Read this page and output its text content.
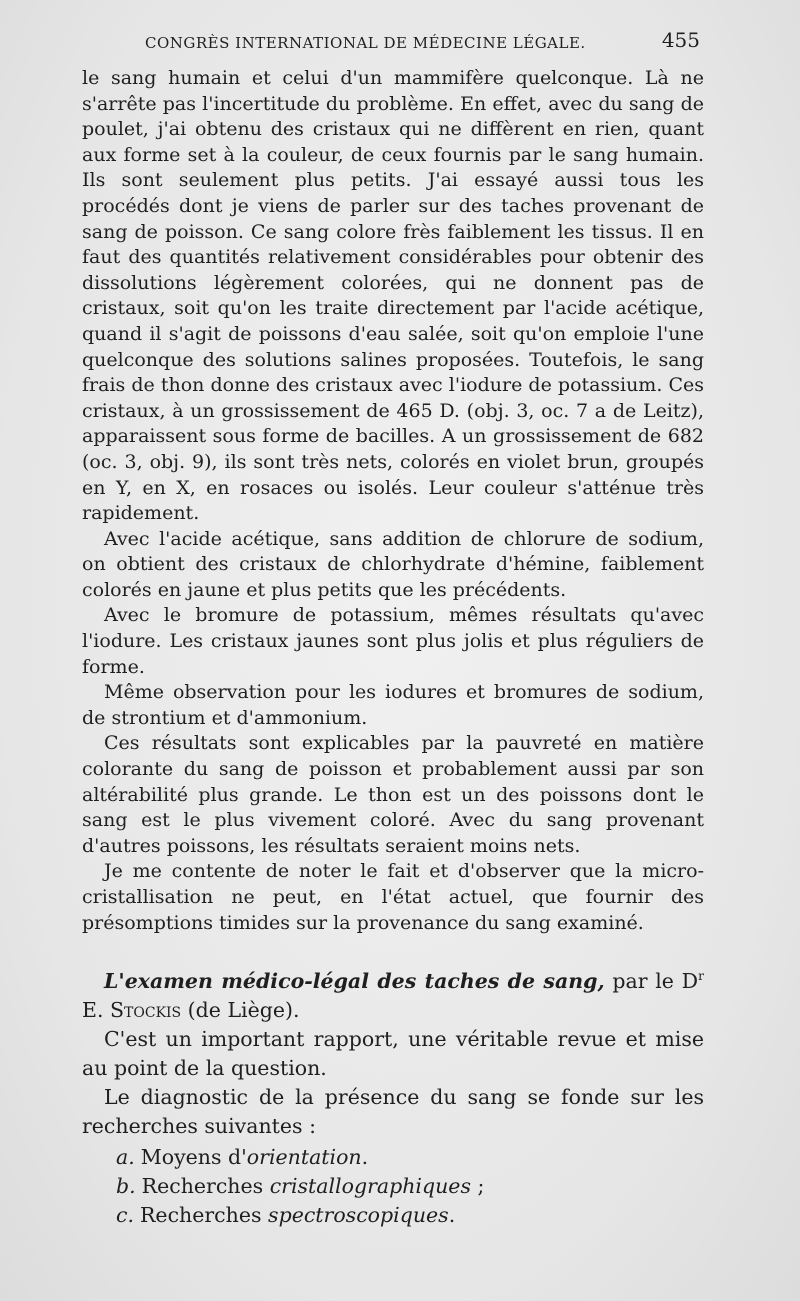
CONGRÈS INTERNATIONAL DE MÉDECINE LÉGALE.	455

le sang humain et celui d'un mammifère quelconque. Là ne s'arrête pas l'incertitude du problème. En effet, avec du sang de poulet, j'ai obtenu des cristaux qui ne diffèrent en rien, quant aux forme set à la couleur, de ceux fournis par le sang humain. Ils sont seulement plus petits. J'ai essayé aussi tous les procédés dont je viens de parler sur des taches provenant de sang de poisson. Ce sang colore frès faiblement les tissus. Il en faut des quantités relativement considérables pour obtenir des dissolutions légèrement colorées, qui ne donnent pas de cristaux, soit qu'on les traite directement par l'acide acétique, quand il s'agit de poissons d'eau salée, soit qu'on emploie l'une quelconque des solutions salines proposées. Toutefois, le sang frais de thon donne des cristaux avec l'iodure de potassium. Ces cristaux, à un grossissement de 465 D. (obj. 3, oc. 7 a de Leitz), apparaissent sous forme de bacilles. A un grossissement de 682 (oc. 3, obj. 9), ils sont très nets, colorés en violet brun, groupés en Y, en X, en rosaces ou isolés. Leur couleur s'atténue très rapidement.

Avec l'acide acétique, sans addition de chlorure de sodium, on obtient des cristaux de chlorhydrate d'hémine, faiblement colorés en jaune et plus petits que les précédents.

Avec le bromure de potassium, mêmes résultats qu'avec l'iodure. Les cristaux jaunes sont plus jolis et plus réguliers de forme.

Même observation pour les iodures et bromures de sodium, de strontium et d'ammonium.

Ces résultats sont explicables par la pauvreté en matière colorante du sang de poisson et probablement aussi par son altérabilité plus grande. Le thon est un des poissons dont le sang est le plus vivement coloré. Avec du sang provenant d'autres poissons, les résultats seraient moins nets.

Je me contente de noter le fait et d'observer que la micro-cristallisation ne peut, en l'état actuel, que fournir des présomptions timides sur la provenance du sang examiné.

L'examen médico-légal des taches de sang, par le $D^r$ E. Stockis (de Liège).

C'est un important rapport, une véritable revue et mise au point de la question.

Le diagnostic de la présence du sang se fonde sur les recherches suivantes :

a. Moyens d'orientation.
b. Recherches cristallographiques ;
c. Recherches spectroscopiques.
